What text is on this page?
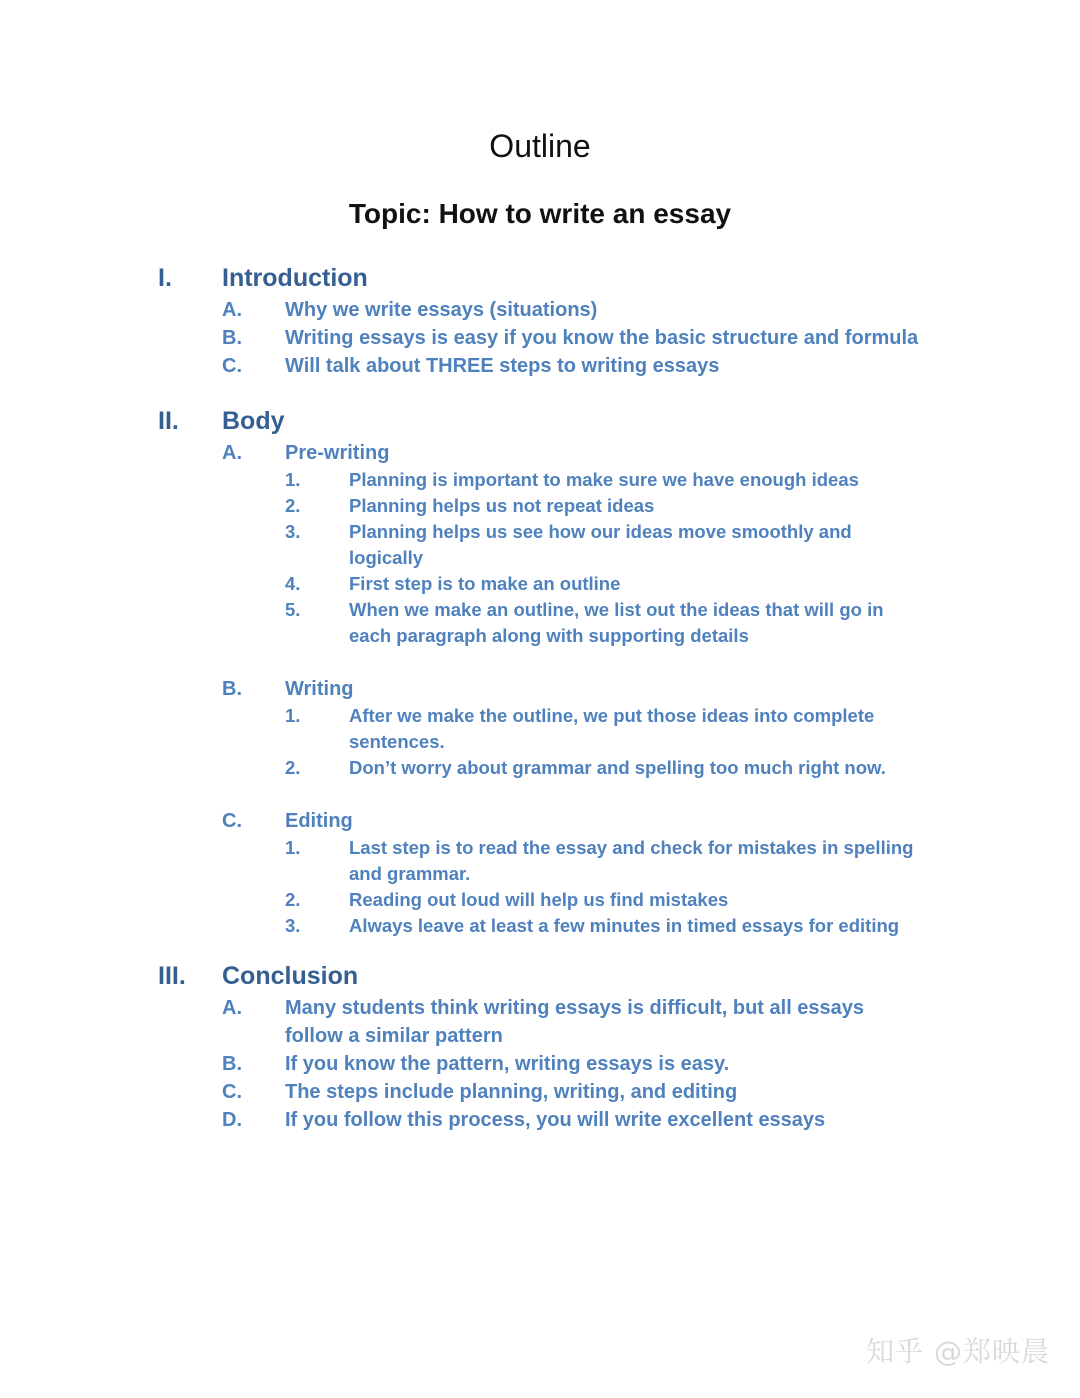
Outline
Topic: How to write an essay
I. Introduction
A. Why we write essays (situations)
B. Writing essays is easy if you know the basic structure and formula
C. Will talk about THREE steps to writing essays
II. Body
A. Pre-writing
1.	Planning is important to make sure we have enough ideas
2.	Planning helps us not repeat ideas
3.	Planning helps us see how our ideas move smoothly and logically
4.	First step is to make an outline
5.	When we make an outline, we list out the ideas that will go in each paragraph along with supporting details
B. Writing
1.	After we make the outline, we put those ideas into complete sentences.
2.	Don’t worry about grammar and spelling too much right now.
C. Editing
1.	Last step is to read the essay and check for mistakes in spelling and grammar.
2.	Reading out loud will help us find mistakes
3.	Always leave at least a few minutes in timed essays for editing
III. Conclusion
A. Many students think writing essays is difficult, but all essays follow a similar pattern
B. If you know the pattern, writing essays is easy.
C. The steps include planning, writing, and editing
D. If you follow this process, you will write excellent essays
知乎 @郑映晨
